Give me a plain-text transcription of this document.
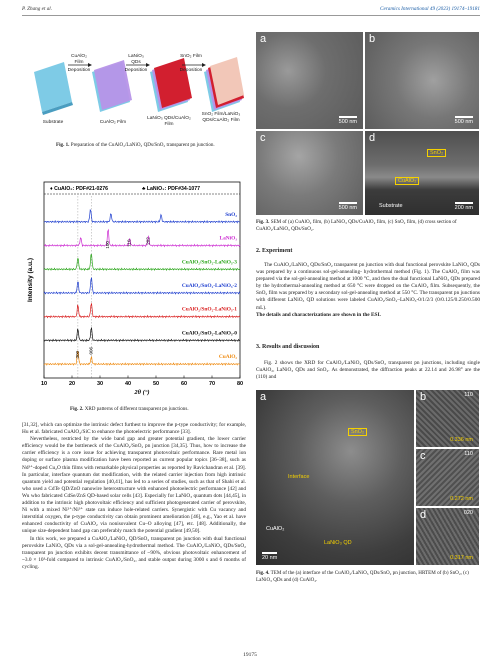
P. Zhang et al.	Ceramics International 49 (2023) 19174–19181
CuAlO₂ Film
Deposition
LaNiO₃ QDs
Deposition
SnO₂ Film
Deposition
Substrate	CuAlO₂ Film
LaNiO₃ QDs/CuAlO₂ Film
SnO₂ Film/LaNiO₃ QDs/CuAlO₂ Film
Fig. 1. Preparation of the CuAlO₂/LaNiO₃ QDs/SnO₂ transparent pn junction.
♦ CuAlO₂: PDF#21-0276	♣ LaNiO₃: PDF#34-1077
SnO₂
LaNiO₃
CuAlO₂/SnO₂-LaNiO₃-3
CuAlO₂/SnO₂-LaNiO₃-2
CuAlO₂/SnO₂-LaNiO₃-1
CuAlO₂/SnO₂-LaNiO₃-0
CuAlO₂
10	20	30	40	50	60	70	80
2θ (°)
Intensity (a.u.)
100	110	202
300
006
Fig. 2. XRD patterns of different transparent pn junctions.

[31,32], which can optimize the intrinsic defect furthest to improve the p-type conductivity; for example, Hu et al. fabricated CuAlO₂/SiC to enhance the photoelectric performance [33].

Nevertheless, restricted by the wide band gap and greater potential gradient, the lower carrier efficiency would be the bottleneck of the CuAlO₂/SnO₂ pn junction [34,35]. Thus, how to increase the carrier efficiency is a core issue for achieving transparent photovoltaic performance. Rare metal ion doping or surface plasma modification have been reported as current popular topics [36–38], such as Nd³⁺-doped Cu₂O thin films with remarkable physical properties as reported by Ravichandran et al. [39]. In particular, interface quantum dot modification, with the related carrier injection from high intrinsic quantum yield and potential regulation [40,41], has led to a series of studies, such as that of Shahi et al. who used a CdTe QD/ZnO nanowire heterostructure with enhanced photoelectric performance [42] and Wu who fabricated CdSe/ZnS QD-based solar cells [43]. Especially for LaNiO₃ quantum dots [44,45], in addition to the intrinsic high photovoltaic efficiency and sufficient photogenerated carrier of perovskite, Ni with a mixed Ni²⁺/Ni³⁺ state can induce hole-related carriers. Synergistic with Cu vacancy and interstitial oxygen, the p-type conductivity can obtain prominent amelioration [46], e.g., Yao et al. have enhanced conductivity of CuAlO₂ via nonisovalent Cu–O alloying [47], etc. [48]. Additionally, the unique size-dependent band gap can preferably match the potential gradient [49,50].

In this work, we prepared a CuAlO₂/LaNiO₃ QD/SnO₂ transparent pn junction with dual functional perovskite LaNiO₃ QDs via a sol-gel-annealing-hydrothermal method. The CuAlO₂/LaNiO₃ QDs/SnO₂ transparent pn junction exhibits decent transmittance of ~90%, obvious photovoltaic enhancement of ~3.0 × 10³-fold compared to intrinsic CuAlO₂/SnO₂, and stable output during 3000 s and 6 months of cycling.

a
500 nm
b
500 nm
c
500 nm
d
SnO₂
CuAlO₂
Substrate	200 nm
Fig. 3. SEM of (a) CuAlO₂ film, (b) LaNiO₃ QDs/CuAlO₂ film, (c) SnO₂ film, (d) cross section of CuAlO₂/LaNiO₃ QDs/SnO₂.
2. Experiment

The CuAlO₂/LaNiO₃ QDs/SnO₂ transparent pn junction with dual functional perovskite LaNiO₃ QDs was prepared by a continuous sol-gel-annealing- hydrothermal method (Fig. 1). The CuAlO₂ film was prepared via the sol-gel-annealing method at 1000 °C, and then the dual functional LaNiO₃ QDs prepared by the hydrothermal-annealing method at 650 °C were dropped on the CuAlO₂ film. Subsequently, the SnO₂ film was prepared by a secondary sol-gel-annealing method at 550 °C. The transparent pn junctions with different LaNiO₃ QD solutions were labeled CuAlO₂/SnO₂–LaNiO₃-0/1/2/3 (0/0.125/0.250/0.500 mL).

The details and characterizations are shown in the ESI.

3. Results and discussion

Fig. 2 shows the XRD for CuAlO₂/LaNiO₃ QDs/SnO₂ transparent pn junctions, including single CuAlO₂, LaNiO₃ QDs and SnO₂. As demonstrated, the diffraction peaks at 22.14 and 26.98° are the (110) and

a
SnO₂
Interface
CuAlO₂
LaNiO₃ QD
20 nm
b	110
0.336 nm
c	110
0.272 nm
d	020
0.317 nm
Fig. 4. TEM of the (a) interface of the CuAlO₂/LaNiO₃ QDs/SnO₂ pn junction, HRTEM of (b) SnO₂, (c) LaNiO₃ QDs and (d) CuAlO₂.
19175
